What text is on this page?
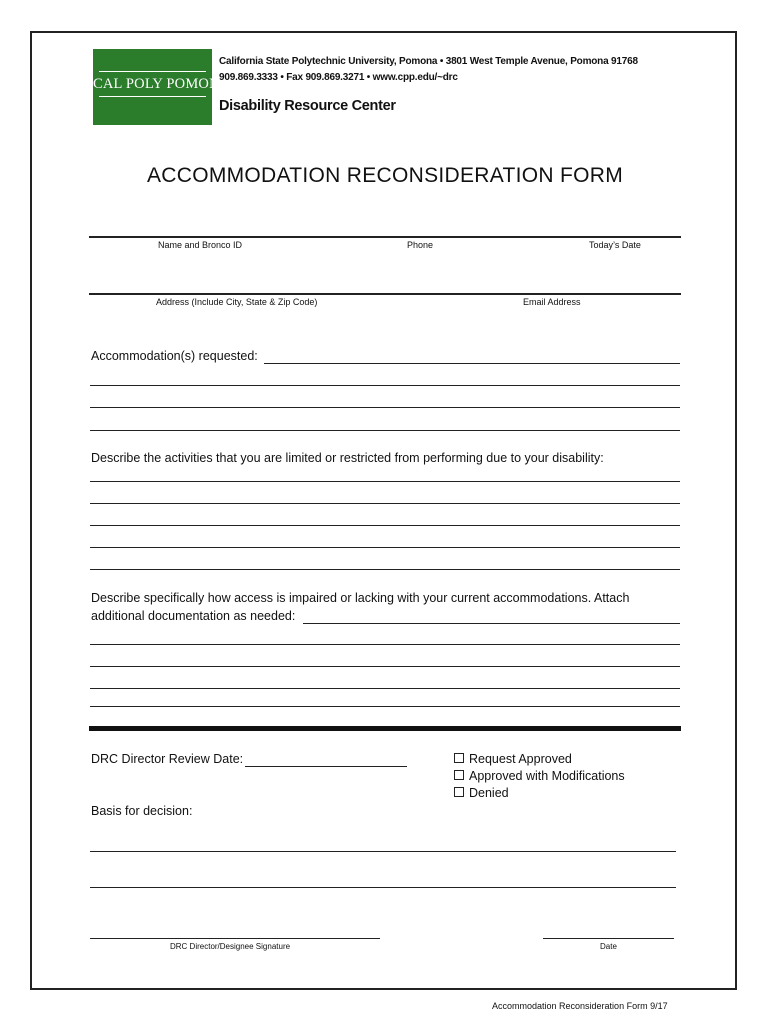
CAL POLY POMONA
California State Polytechnic University, Pomona • 3801 West Temple Avenue, Pomona 91768
909.869.3333 • Fax 909.869.3271 • www.cpp.edu/~drc
Disability Resource Center
ACCOMMODATION RECONSIDERATION FORM
Name and Bronco ID	Phone	Today’s Date
Address (Include City, State & Zip Code)	Email Address
Accommodation(s) requested:
Describe the activities that you are limited or restricted from performing due to your disability:
Describe specifically how access is impaired or lacking with your current accommodations. Attach
additional documentation as needed:
DRC Director Review Date:	Request Approved
Approved with Modifications
Denied
Basis for decision:
DRC Director/Designee Signature	Date
Accommodation Reconsideration Form 9/17
